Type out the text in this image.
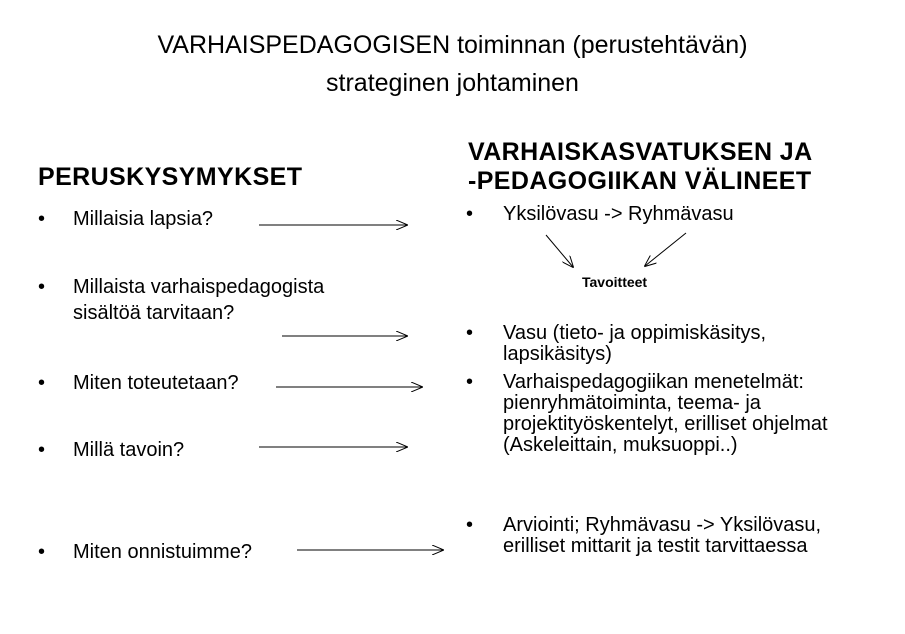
VARHAISPEDAGOGISEN toiminnan (perustehtävän)
strateginen johtaminen
PERUSKYSYMYKSET
• Millaisia lapsia?
• Millaista varhaispedagogista
sisältöä tarvitaan?
• Miten toteutetaan?
• Millä tavoin?
• Miten onnistuimme?
VARHAISKASVATUKSEN JA
-PEDAGOGIIKAN VÄLINEET
• Yksilövasu -> Ryhmävasu
Tavoitteet
• Vasu (tieto- ja oppimiskäsitys,
lapsikäsitys)
• Varhaispedagogiikan menetelmät:
pienryhmätoiminta, teema- ja
projektityöskentelyt, erilliset ohjelmat
(Askeleittain, muksuoppi..)
• Arviointi; Ryhmävasu -> Yksilövasu,
erilliset mittarit ja testit tarvittaessa
